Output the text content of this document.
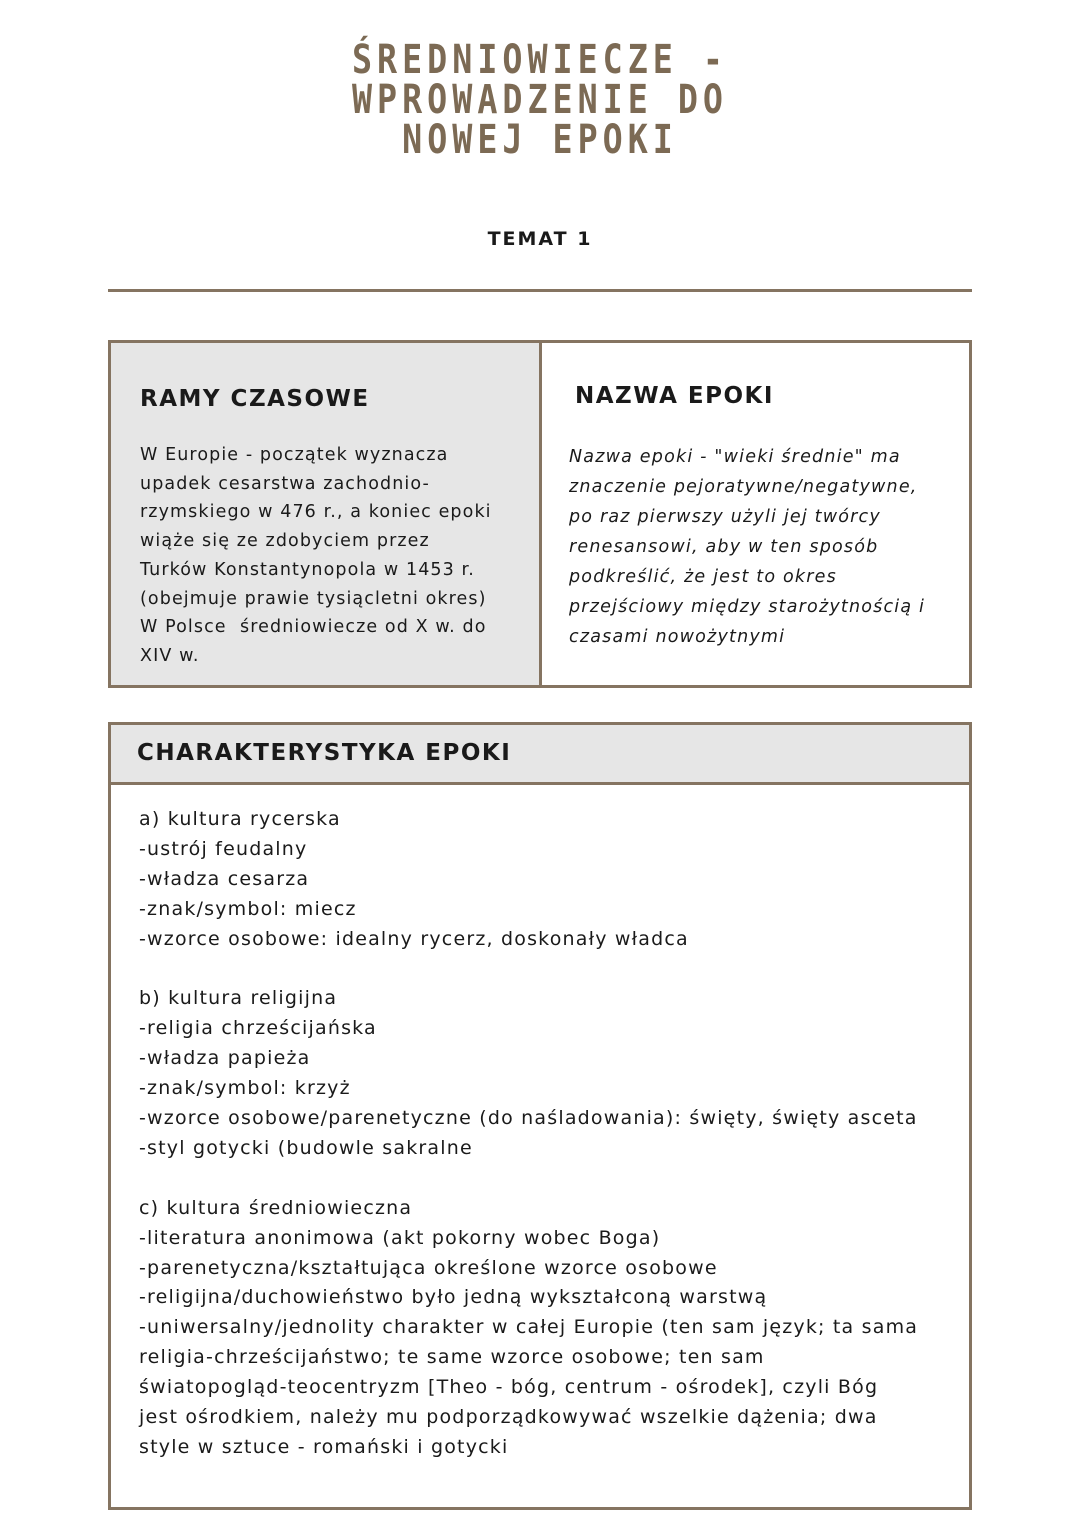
ŚREDNIOWIECZE -
WPROWADZENIE DO
NOWEJ EPOKI
TEMAT 1
RAMY CZASOWE
W Europie - początek wyznacza
upadek cesarstwa zachodnio-
rzymskiego w 476 r., a koniec epoki
wiąże się ze zdobyciem przez
Turków Konstantynopola w 1453 r.
(obejmuje prawie tysiącletni okres)
W Polsce  średniowiecze od X w. do
XIV w.
NAZWA EPOKI
Nazwa epoki - "wieki średnie" ma
znaczenie pejoratywne/negatywne,
po raz pierwszy użyli jej twórcy
renesansowi, aby w ten sposób
podkreślić, że jest to okres
przejściowy między starożytnością i
czasami nowożytnymi
CHARAKTERYSTYKA EPOKI
a) kultura rycerska
-ustrój feudalny
-władza cesarza
-znak/symbol: miecz
-wzorce osobowe: idealny rycerz, doskonały władca
b) kultura religijna
-religia chrześcijańska
-władza papieża
-znak/symbol: krzyż
-wzorce osobowe/parenetyczne (do naśladowania): święty, święty asceta
-styl gotycki (budowle sakralne
c) kultura średniowieczna
-literatura anonimowa (akt pokorny wobec Boga)
-parenetyczna/kształtująca określone wzorce osobowe
-religijna/duchowieństwo było jedną wykształconą warstwą
-uniwersalny/jednolity charakter w całej Europie (ten sam język; ta sama
religia-chrześcijaństwo; te same wzorce osobowe; ten sam
światopogląd-teocentryzm [Theo - bóg, centrum - ośrodek], czyli Bóg
jest ośrodkiem, należy mu podporządkowywać wszelkie dążenia; dwa
style w sztuce - romański i gotycki
